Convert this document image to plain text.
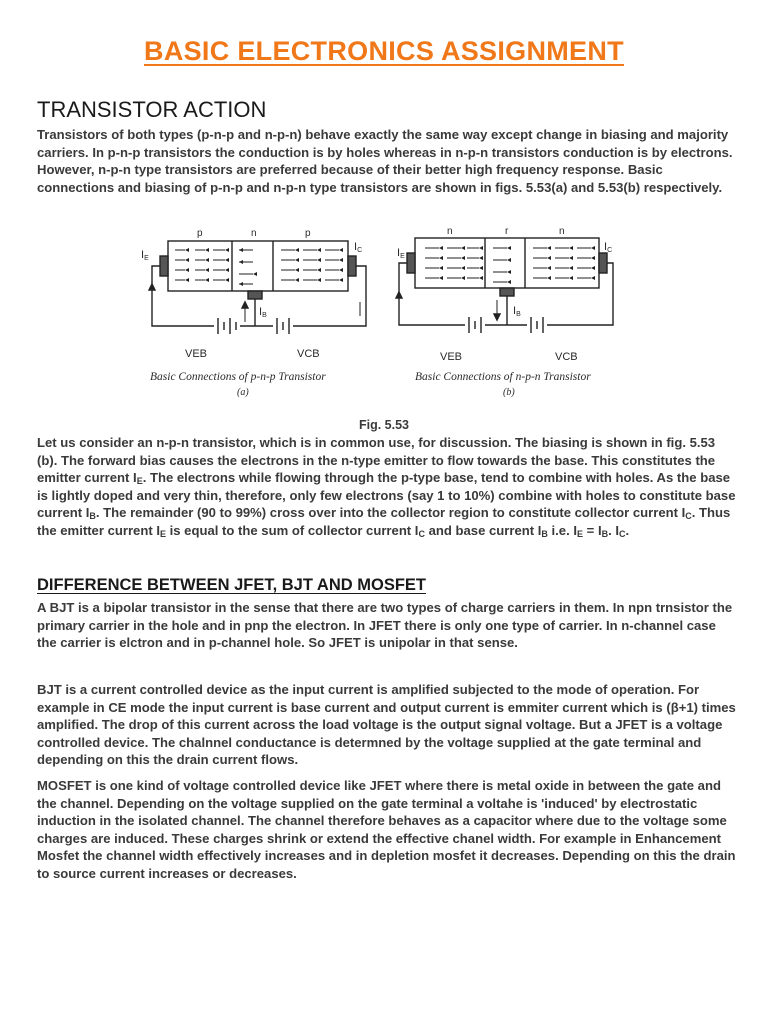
BASIC ELECTRONICS ASSIGNMENT
TRANSISTOR ACTION
Transistors of both types (p-n-p and n-p-n) behave exactly the same way except change in biasing and majority carriers. In p-n-p transistors the conduction is by holes whereas in n-p-n transistors conduction is by electrons. However, n-p-n type transistors are preferred because of their better high frequency response. Basic connections and biasing of p-n-p and n-p-n type transistors are shown in figs. 5.53(a) and 5.53(b) respectively.
p	n	p
IE
IC
IB
VEB	VCB
Basic Connections of p-n-p Transistor
(a)
n	r	n
IE
IC
IB
VEB	VCB
Basic Connections of n-p-n Transistor
(b)
Fig. 5.53
Let us consider an n-p-n transistor, which is in common use, for discussion. The biasing is shown in fig. 5.53 (b). The forward bias causes the electrons in the n-type emitter to flow towards the base. This constitutes the emitter current $I_E$. The electrons while flowing through the p-type base, tend to combine with holes. As the base is lightly doped and very thin, therefore, only few electrons (say 1 to 10%) combine with holes to constitute base current $I_B$. The remainder (90 to 99%) cross over into the collector region to constitute collector current $I_C$. Thus the emitter current $I_E$ is equal to the sum of collector current $I_C$ and base current $I_B$ i.e. $I_E = I_B$. $I_C$.
DIFFERENCE BETWEEN JFET, BJT AND MOSFET
A BJT is a bipolar transistor in the sense that there are two types of charge carriers in them. In npn trnsistor the primary carrier in the hole and in pnp the electron. In JFET there is only one type of carrier. In n-channel case the carrier is elctron and in p-channel hole. So JFET is unipolar in that sense.
BJT is a current controlled device as the input current is amplified subjected to the mode of operation. For example in CE mode the input current is base current and output current is emmiter current which is (β+1) times amplified. The drop of this current across the load voltage is the output signal voltage. But a JFET is a voltage controlled device. The chalnnel conductance is determned by the voltage supplied at the gate terminal and depending on this the drain current flows.
MOSFET is one kind of voltage controlled device like JFET where there is metal oxide in between the gate and the channel. Depending on the voltage supplied on the gate terminal a voltahe is 'induced' by electrostatic induction in the isolated channel. The channel therefore behaves as a capacitor where due to the voltage some charges are induced. These charges shrink or extend the effective chanel width. For example in Enhancement Mosfet the channel width effectively increases and in depletion mosfet it decreases. Depending on this the drain to source current increases or decreases.
